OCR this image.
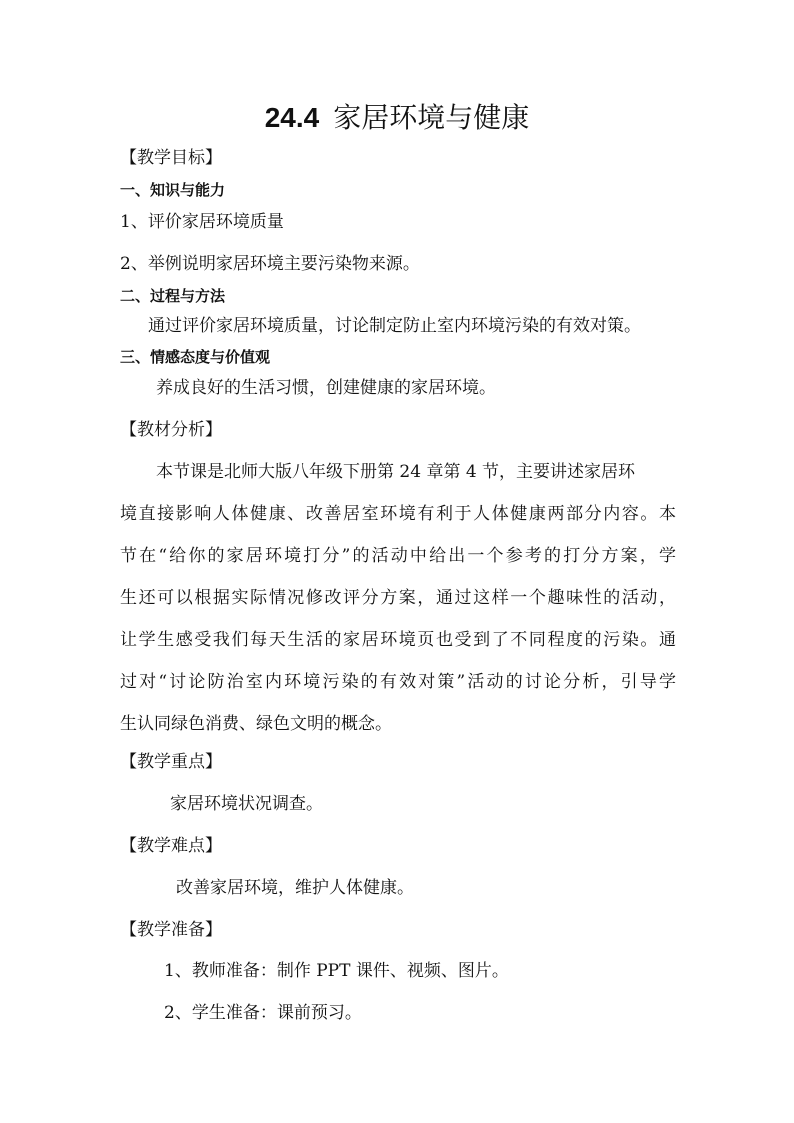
24.4 家居环境与健康
【教学目标】
一、知识与能力
1、评价家居环境质量
2、举例说明家居环境主要污染物来源。
二、过程与方法
通过评价家居环境质量，讨论制定防止室内环境污染的有效对策。
三、情感态度与价值观
养成良好的生活习惯，创建健康的家居环境。
【教材分析】
本节课是北师大版八年级下册第 24 章第 4 节，主要讲述家居环
境直接影响人体健康、改善居室环境有利于人体健康两部分内容。本
节在“给你的家居环境打分”的活动中给出一个参考的打分方案，学
生还可以根据实际情况修改评分方案，通过这样一个趣味性的活动，
让学生感受我们每天生活的家居环境页也受到了不同程度的污染。通
过对“讨论防治室内环境污染的有效对策”活动的讨论分析，引导学
生认同绿色消费、绿色文明的概念。
【教学重点】
家居环境状况调查。
【教学难点】
改善家居环境，维护人体健康。
【教学准备】
1、教师准备：制作 PPT 课件、视频、图片。
2、学生准备：课前预习。
